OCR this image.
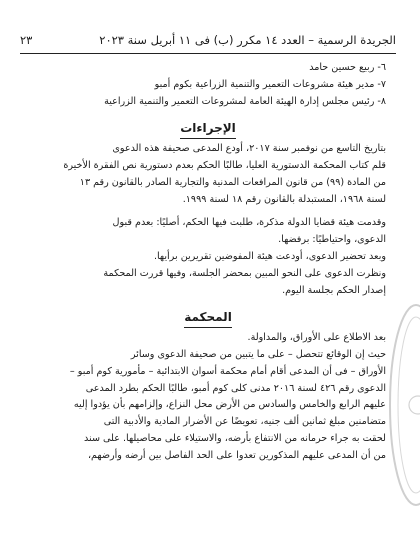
الجريدة الرسمية – العدد ١٤ مكرر (ب) فى ١١ أبريل سنة ٢٠٢٣
٢٣

٦- ربيع حسين حامد

٧- مدير هيئة مشروعات التعمير والتنمية الزراعية بكوم أمبو

٨- رئيس مجلس إدارة الهيئة العامة لمشروعات التعمير والتنمية الزراعية

الإجراءات

بتاريخ التاسع من نوفمبر سنة ٢٠١٧، أودع المدعى صحيفة هذه الدعوى

قلم كتاب المحكمة الدستورية العليا، طالبًا الحكم بعدم دستورية نص الفقرة الأخيرة

من المادة (٩٩) من قانون المرافعات المدنية والتجارية الصادر بالقانون رقم ١٣

لسنة ١٩٦٨، المستبدلة بالقانون رقم ١٨ لسنة ١٩٩٩.

وقدمت هيئة قضايا الدولة مذكرة، طلبت فيها الحكم، أصليًا: بعدم قبول

الدعوى، واحتياطيًا: برفضها.

وبعد تحضير الدعوى، أودعت هيئة المفوضين تقريرين برأيها.

ونظرت الدعوى على النحو المبين بمحضر الجلسة، وفيها قررت المحكمة

إصدار الحكم بجلسة اليوم.

المحكمة

بعد الاطلاع على الأوراق، والمداولة.

حيث إن الوقائع تتحصل – على ما يتبين من صحيفة الدعوى وسائر

الأوراق – فى أن المدعى أقام أمام محكمة أسوان الابتدائية – مأمورية كوم أمبو –

الدعوى رقم ٤٢٦ لسنة ٢٠١٦ مدنى كلى كوم أمبو، طالبًا الحكم بطرد المدعى

عليهم الرابع والخامس والسادس من الأرض محل النزاع، وإلزامهم بأن يؤدوا إليه

متضامنين مبلغ ثمانين ألف جنيه، تعويضًا عن الأضرار المادية والأدبية التى

لحقت به جراء حرمانه من الانتفاع بأرضه، والاستيلاء على محاصيلها. على سند

من أن المدعى عليهم المذكورين تعدوا على الحد الفاصل بين أرضه وأرضهم،
